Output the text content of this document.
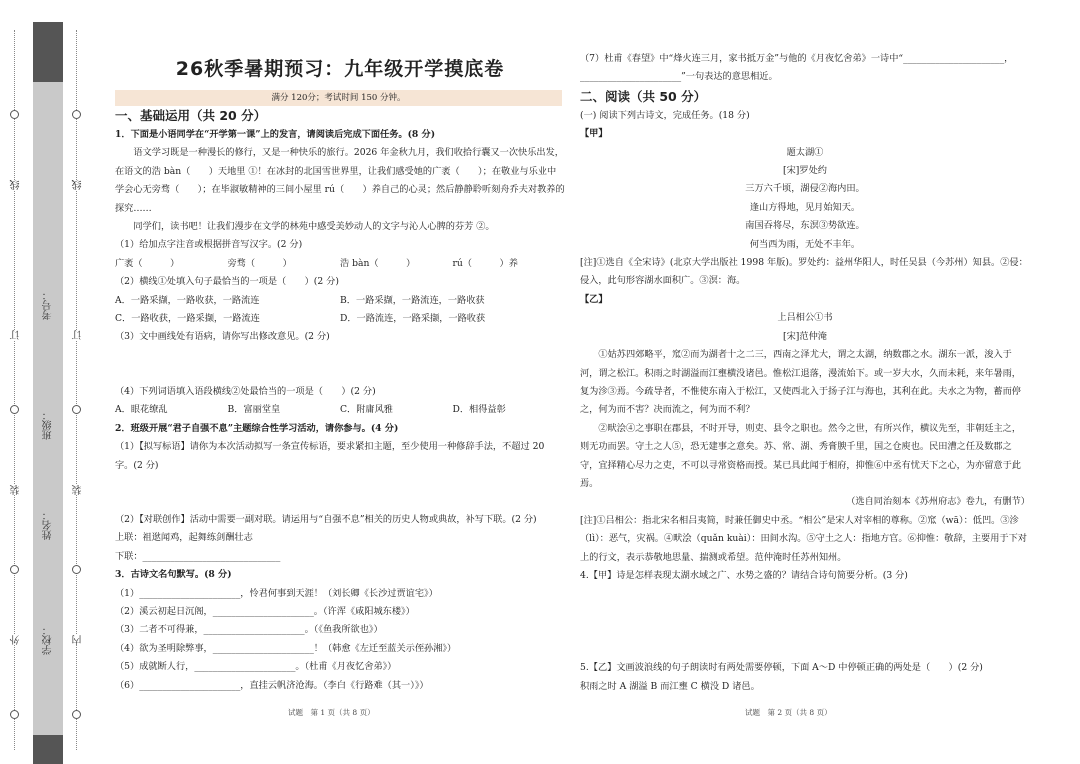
线
订
装
外
线
订
装
内
考号：
班级：
姓名：
学校：
26秋季暑期预习：九年级开学摸底卷
满分 120分；考试时间 150 分钟。
一、基础运用（共 20 分）

1．下面是小语同学在“开学第一课”上的发言，请阅读后完成下面任务。(8 分)

语文学习既是一种漫长的修行，又是一种快乐的旅行。2026 年金秋九月，我们收拾行囊又一次快乐出发，在语文的浩 bàn（　　）天地里 ①！在冰封的北国雪世界里，让我们感受她的广袤（　　）；在敬业与乐业中学会心无旁骛（　　）；在毕淑敏精神的三间小屋里 rú（　　）养自己的心灵；然后静静聆听刻舟乔夫对教养的探究……

同学们，读书吧！让我们漫步在文学的林苑中感受美妙动人的文字与沁人心脾的芬芳 ②。

（1）给加点字注音或根据拼音写汉字。(2 分)

广袤（　　　）	旁骛（　　　）	浩 bàn（　　　）	rú（　　　）养

（2）横线①处填入句子最恰当的一项是（　　）(2 分)

A．一路采撷，一路收获，一路流连	B．一路采撷，一路流连，一路收获
C．一路收获，一路采撷，一路流连	D．一路流连，一路采撷，一路收获

（3）文中画线处有语病，请你写出修改意见。(2 分)

（4）下列词语填入语段横线②处最恰当的一项是（　　）(2 分)

A．眼花缭乱	B．富丽堂皇	C．附庸风雅	D．相得益彰

2．班级开展“君子自强不息”主题综合性学习活动，请你参与。(4 分)

（1）【拟写标语】请你为本次活动拟写一条宣传标语，要求紧扣主题，至少使用一种修辞手法，不超过 20 字。(2 分)

（2）【对联创作】活动中需要一副对联。请运用与“自强不息”相关的历史人物或典故，补写下联。(2 分)

上联：祖逖闻鸡，起舞练剑酬壮志

下联：______________________________

3．古诗文名句默写。(8 分)

（1）______________________，怜君何事到天涯！（刘长卿《长沙过贾谊宅》）

（2）溪云初起日沉阁，______________________。（许浑《咸阳城东楼》）

（3）二者不可得兼，______________________。（《鱼我所欲也》）

（4）欲为圣明除弊事，______________________！（韩愈《左迁至蓝关示侄孙湘》）

（5）成就断人行，______________________。（杜甫《月夜忆舍弟》）

（6）______________________，直挂云帆济沧海。（李白《行路难（其一）》）

试题　第 1 页（共 8 页）

（7）杜甫《春望》中“烽火连三月，家书抵万金”与他的《月夜忆舍弟》一诗中“______________________，

______________________”一句表达的意思相近。

二、阅读（共 50 分）

(一) 阅读下列古诗文，完成任务。(18 分)

【甲】

题太湖①

[宋]罗处约

三万六千顷，湖侵②海内田。

逢山方得地，见月始知天。

南国吞将尽，东溟③势欲连。

何当西为雨，无处不丰年。

[注]①选自《全宋诗》(北京大学出版社 1998 年版)。罗处约：益州华阳人，时任吴县（今苏州）知县。②侵：侵入，此句形容湖水面积广。③溟：海。

【乙】

上吕相公①书

[宋]范仲淹

①姑苏四郊略平，窊②而为湖者十之二三，西南之泽尤大，谓之太湖，纳数郡之水。湖东一派，浚入于河，谓之松江。积雨之时湖溢而江壅横没诸邑。惟松江退落，漫流始下。或一岁大水，久而未耗，来年暑雨，复为沴③焉。今疏导者，不惟使东南入于松江，又使西北入于扬子江与海也，其利在此。夫水之为物，蓄而停之，何为而不害？决而流之，何为而不利？

②畎浍④之事职在郡县，不时开导，则吏、县令之职也。然今之世，有所兴作，横议先至，非朝廷主之，则无功而罢。守土之人⑤，恐无建事之意矣。苏、常、湖、秀膏腴千里，国之仓庾也。民田漕之任及数郡之守，宜择精心尽力之吏，不可以寻常资格而授。某已具此闻于相府，抑惟⑥中丞有忧天下之心，为亦留意于此焉。

（选自同治刻本《苏州府志》卷九，有删节）

[注]①吕相公：指北宋名相吕夷简，时兼任御史中丞。“相公”是宋人对宰相的尊称。②窊（wā）：低凹。③沴（lì）：恶气，灾祸。④畎浍（quǎn kuài）：田间水沟。⑤守土之人：指地方官。⑥抑惟：敬辞，主要用于下对上的行文，表示恭敬地思量、揣测或希望。范仲淹时任苏州知州。

4.【甲】诗是怎样表现太湖水域之广、水势之盛的？请结合诗句简要分析。(3 分)

5.【乙】文画波浪线的句子朗读时有两处需要停顿，下面 A～D 中停顿正确的两处是（　　）(2 分)

积雨之时 A 湖溢 B 而江壅 C 横没 D 诸邑。

试题　第 2 页（共 8 页）
